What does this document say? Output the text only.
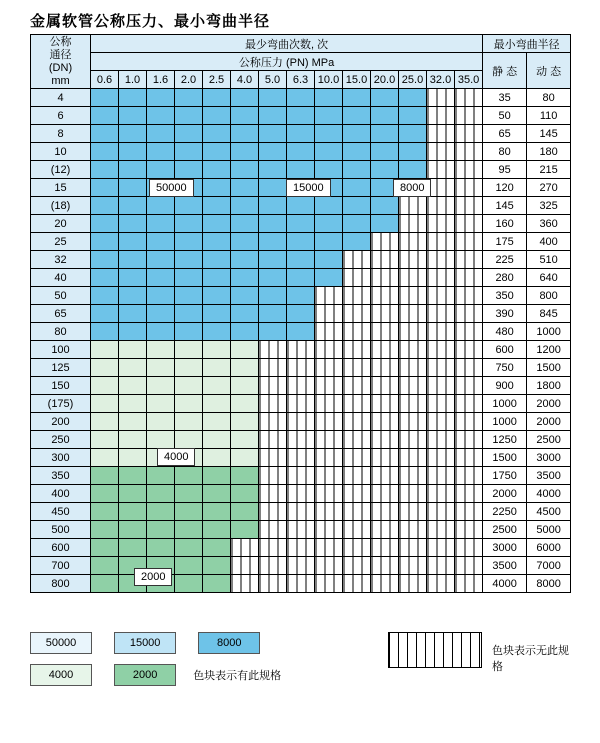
金属软管公称压力、最小弯曲半径
公称
通径
(DN)
mm	最少弯曲次数, 次														最小弯曲半径	
	公称压力 (PN) MPa														静 态	动 态
	0.6	1.0	1.6	2.0	2.5	4.0	5.0	6.3	10.0	15.0	20.0	25.0	32.0	35.0		
4															35	80
6															50	110
8															65	145
10															80	180
(12)															95	215
15															120	270
(18)															145	325
20															160	360
25															175	400
32															225	510
40															280	640
50															350	800
65															390	845
80															480	1000
100															600	1200
125															750	1500
150															900	1800
(175)															1000	2000
200															1000	2000
250															1250	2500
300															1500	3000
350															1750	3500
400															2000	4000
450															2250	4500
500															2500	5000
600															3000	6000
700															3500	7000
800															4000	8000
50000	15000	8000
4000
2000
50000	15000	8000
4000	2000	色块表示有此规格
色块表示无此规格
